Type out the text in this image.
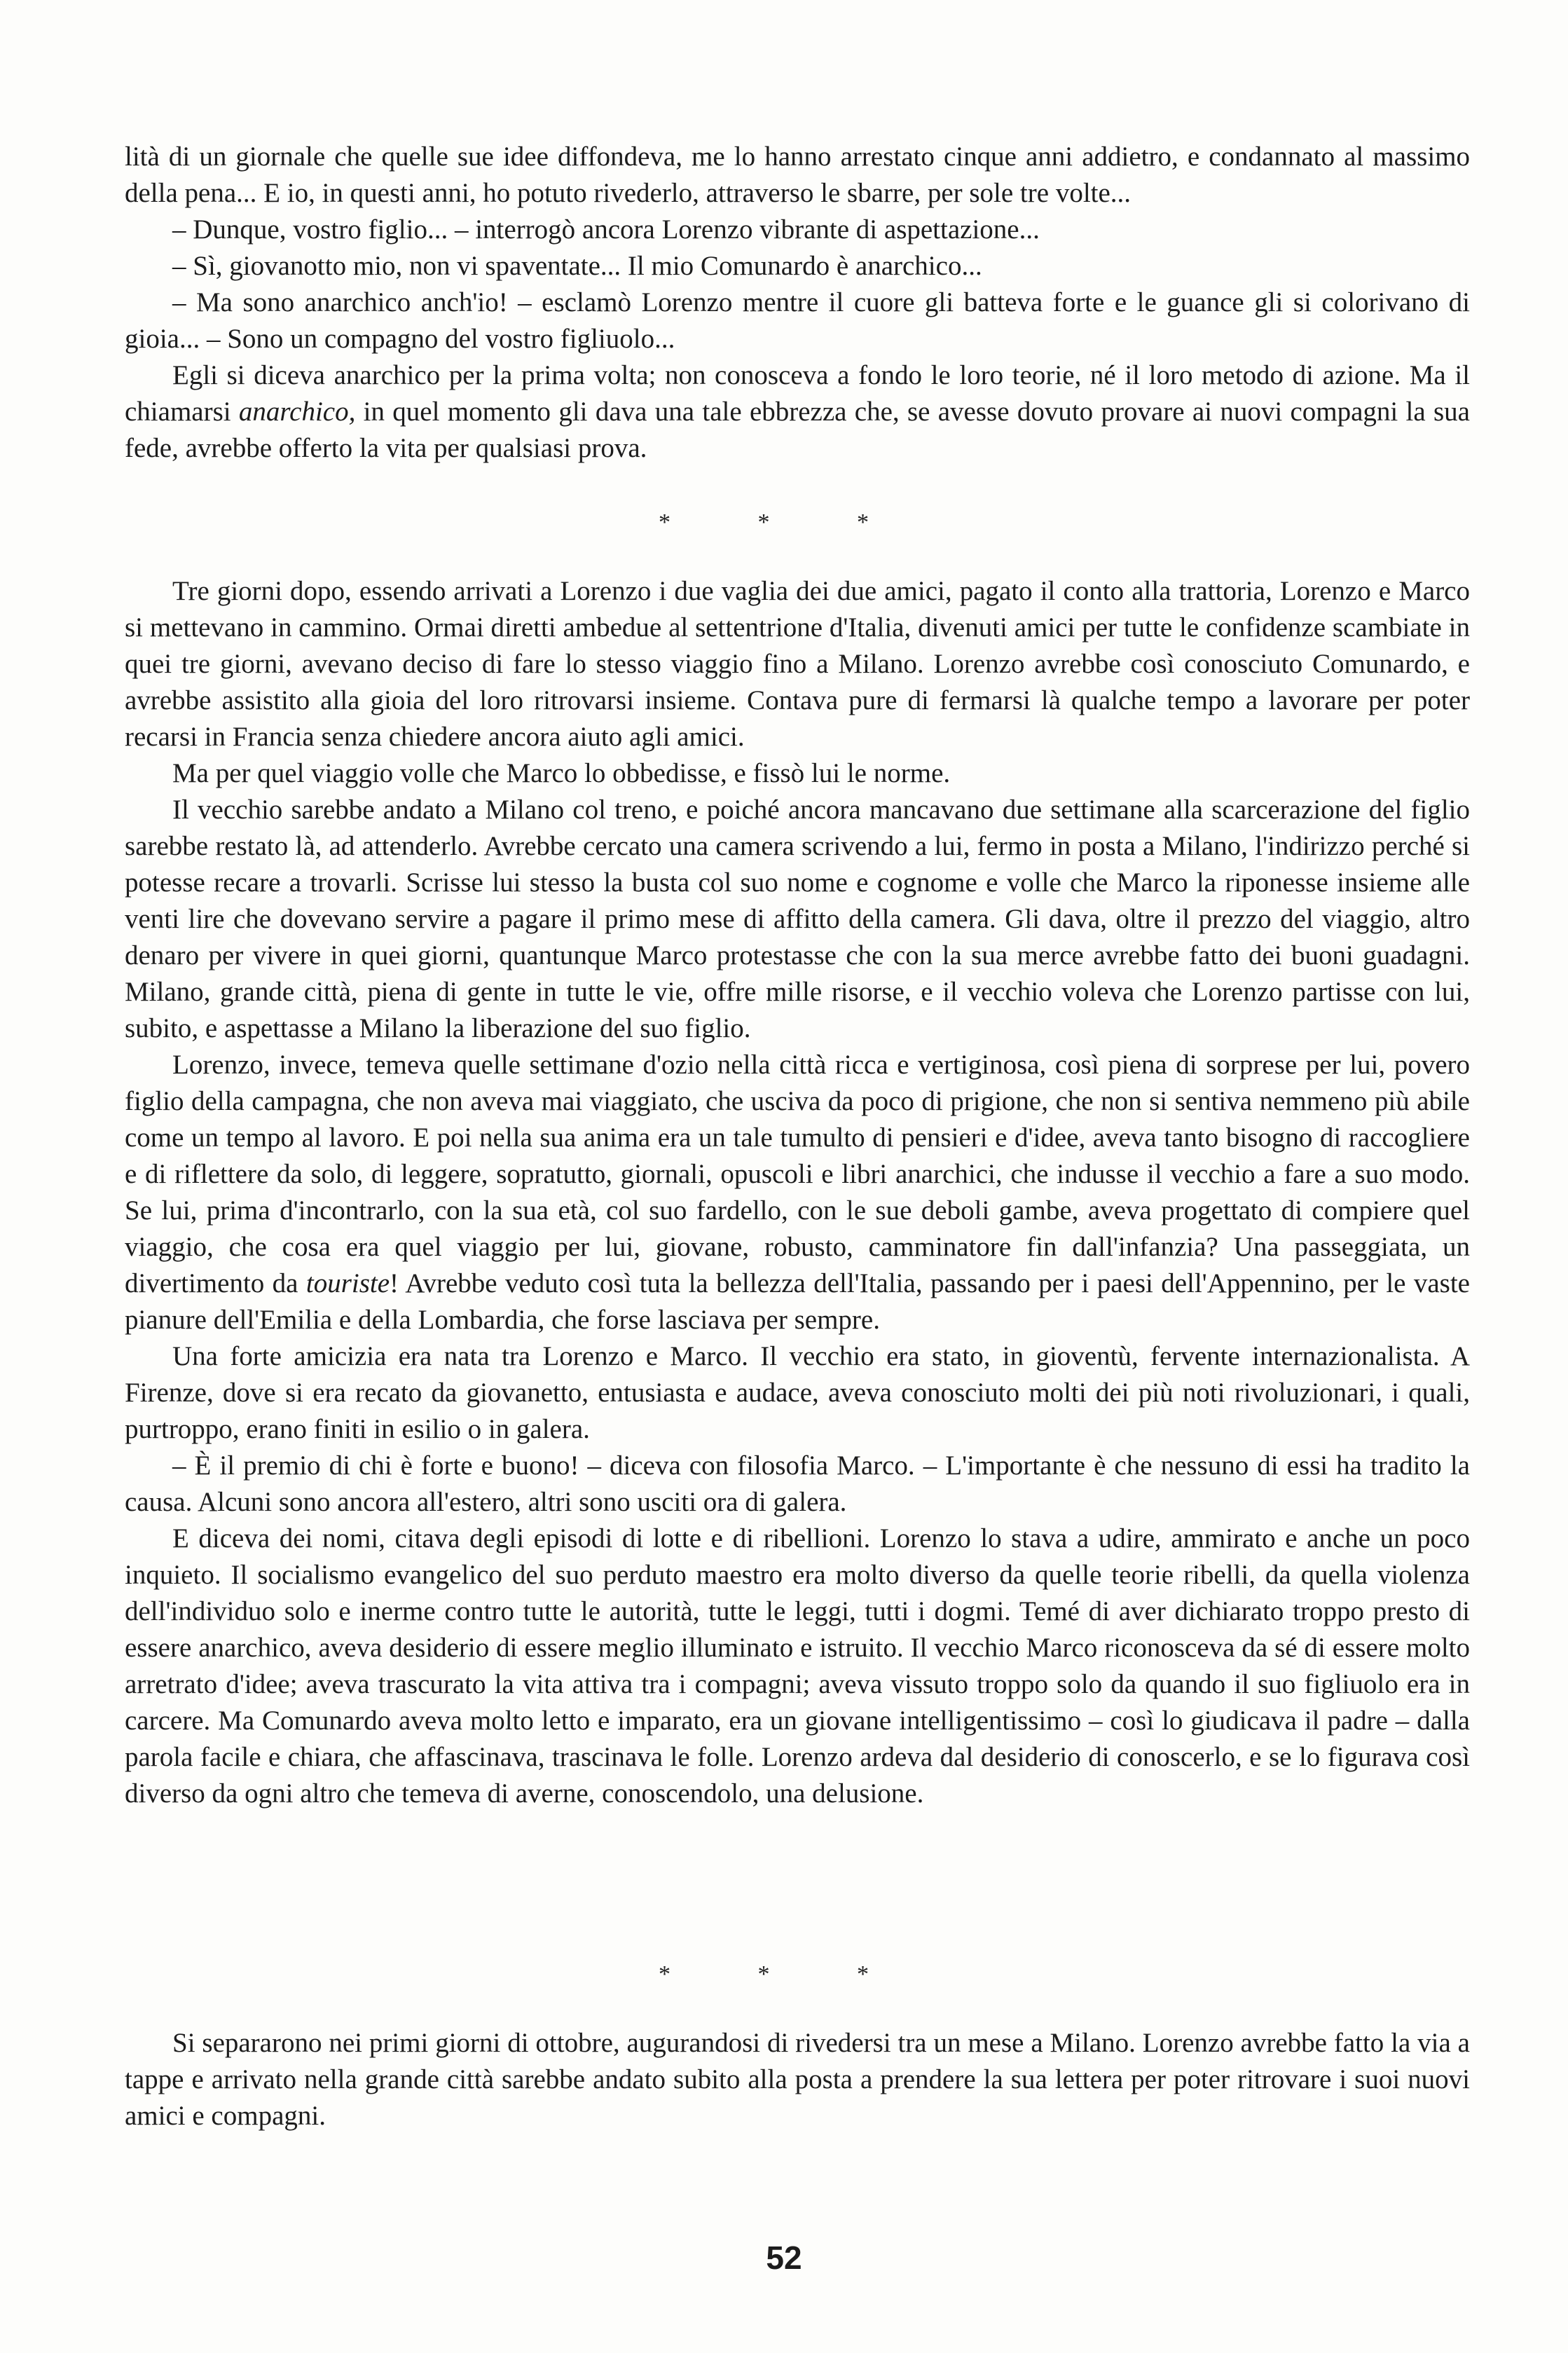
lità di un giornale che quelle sue idee diffondeva, me lo hanno arrestato cinque anni addietro, e condannato al massimo della pena... E io, in questi anni, ho potuto rivederlo, attraverso le sbarre, per sole tre volte...

– Dunque, vostro figlio... – interrogò ancora Lorenzo vibrante di aspettazione...

– Sì, giovanotto mio, non vi spaventate... Il mio Comunardo è anarchico...

– Ma sono anarchico anch'io! – esclamò Lorenzo mentre il cuore gli batteva forte e le guance gli si colorivano di gioia... – Sono un compagno del vostro figliuolo...

Egli si diceva anarchico per la prima volta; non conosceva a fondo le loro teorie, né il loro metodo di azione. Ma il chiamarsi anarchico, in quel momento gli dava una tale ebbrezza che, se avesse dovuto provare ai nuovi compagni la sua fede, avrebbe offerto la vita per qualsiasi prova.

* * *

Tre giorni dopo, essendo arrivati a Lorenzo i due vaglia dei due amici, pagato il conto alla trattoria, Lorenzo e Marco si mettevano in cammino. Ormai diretti ambedue al settentrione d'Italia, divenuti amici per tutte le confidenze scambiate in quei tre giorni, avevano deciso di fare lo stesso viaggio fino a Milano. Lorenzo avrebbe così conosciuto Comunardo, e avrebbe assistito alla gioia del loro ritrovarsi insieme. Contava pure di fermarsi là qualche tempo a lavorare per poter recarsi in Francia senza chiedere ancora aiuto agli amici.

Ma per quel viaggio volle che Marco lo obbedisse, e fissò lui le norme.

Il vecchio sarebbe andato a Milano col treno, e poiché ancora mancavano due settimane alla scarcerazione del figlio sarebbe restato là, ad attenderlo. Avrebbe cercato una camera scrivendo a lui, fermo in posta a Milano, l'indirizzo perché si potesse recare a trovarli. Scrisse lui stesso la busta col suo nome e cognome e volle che Marco la riponesse insieme alle venti lire che dovevano servire a pagare il primo mese di affitto della camera. Gli dava, oltre il prezzo del viaggio, altro denaro per vivere in quei giorni, quantunque Marco protestasse che con la sua merce avrebbe fatto dei buoni guadagni. Milano, grande città, piena di gente in tutte le vie, offre mille risorse, e il vecchio voleva che Lorenzo partisse con lui, subito, e aspettasse a Milano la liberazione del suo figlio.

Lorenzo, invece, temeva quelle settimane d'ozio nella città ricca e vertiginosa, così piena di sorprese per lui, povero figlio della campagna, che non aveva mai viaggiato, che usciva da poco di prigione, che non si sentiva nemmeno più abile come un tempo al lavoro. E poi nella sua anima era un tale tumulto di pensieri e d'idee, aveva tanto bisogno di raccogliere e di riflettere da solo, di leggere, sopratutto, giornali, opuscoli e libri anarchici, che indusse il vecchio a fare a suo modo. Se lui, prima d'incontrarlo, con la sua età, col suo fardello, con le sue deboli gambe, aveva progettato di compiere quel viaggio, che cosa era quel viaggio per lui, giovane, robusto, camminatore fin dall'infanzia? Una passeggiata, un divertimento da touriste! Avrebbe veduto così tuta la bellezza dell'Italia, passando per i paesi dell'Appennino, per le vaste pianure dell'Emilia e della Lombardia, che forse lasciava per sempre.

Una forte amicizia era nata tra Lorenzo e Marco. Il vecchio era stato, in gioventù, fervente internazionalista. A Firenze, dove si era recato da giovanetto, entusiasta e audace, aveva conosciuto molti dei più noti rivoluzionari, i quali, purtroppo, erano finiti in esilio o in galera.

– È il premio di chi è forte e buono! – diceva con filosofia Marco. – L'importante è che nessuno di essi ha tradito la causa. Alcuni sono ancora all'estero, altri sono usciti ora di galera.

E diceva dei nomi, citava degli episodi di lotte e di ribellioni. Lorenzo lo stava a udire, ammirato e anche un poco inquieto. Il socialismo evangelico del suo perduto maestro era molto diverso da quelle teorie ribelli, da quella violenza dell'individuo solo e inerme contro tutte le autorità, tutte le leggi, tutti i dogmi. Temé di aver dichiarato troppo presto di essere anarchico, aveva desiderio di essere meglio illuminato e istruito. Il vecchio Marco riconosceva da sé di essere molto arretrato d'idee; aveva trascurato la vita attiva tra i compagni; aveva vissuto troppo solo da quando il suo figliuolo era in carcere. Ma Comunardo aveva molto letto e imparato, era un giovane intelligentissimo – così lo giudicava il padre – dalla parola facile e chiara, che affascinava, trascinava le folle. Lorenzo ardeva dal desiderio di conoscerlo, e se lo figurava così diverso da ogni altro che temeva di averne, conoscendolo, una delusione.

* * *

Si separarono nei primi giorni di ottobre, augurandosi di rivedersi tra un mese a Milano. Lorenzo avrebbe fatto la via a tappe e arrivato nella grande città sarebbe andato subito alla posta a prendere la sua lettera per poter ritrovare i suoi nuovi amici e compagni.

52
